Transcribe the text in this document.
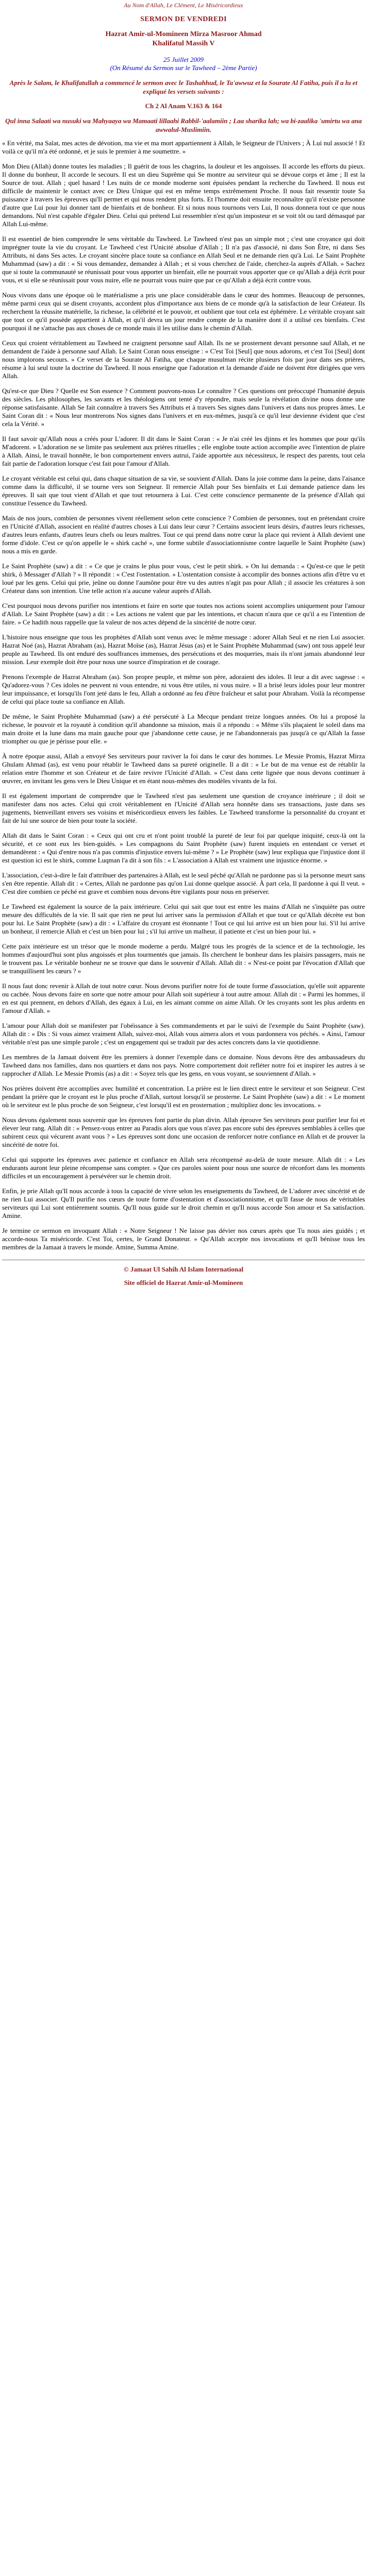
Au Nom d'Allah, Le Clément, Le Miséricordieux
SERMON DE VENDREDI
Hazrat Amir-ul-Momineen Mirza Masroor Ahmad
Khalifatul Massih V
25 Juillet 2009
(On Résumé du Sermon sur le Tawheed – 2ème Partie)
Après le Salam, le Khalifatullah a commencé le sermon avec le Tashahhud, le Ta'awwuz et la Sourate Al Fatiha, puis il a lu et expliqué les versets suivants :
Ch 2 Al Anam V.163 & 164
Qul inna Salaati wa nusuki wa Mahyaaya wa Mamaati lillaahi Rabbil-'aalamiin ; Laa sharika lah; wa bi-zaalika 'umirtu wa ana awwalul-Muslimiin.

« En vérité, ma Salat, mes actes de dévotion, ma vie et ma mort appartiennent à Allah, le Seigneur de l'Univers ; À Lui nul associé ! Et voilà ce qu'il m'a été ordonné, et je suis le premier à me soumettre. »

Mon Dieu (Allah) donne toutes les maladies ; Il guérit de tous les chagrins, la douleur et les angoisses. Il accorde les efforts du pieux. Il donne du bonheur, Il accorde le secours. Il est un dieu Suprême qui Se montre au serviteur qui se dévoue corps et âme ; Il est la Source de tout. Allah ; quel hasard ! Les nuits de ce monde moderne sont épuisées pendant la recherche du Tawheed. Il nous est difficile de maintenir le contact avec ce Dieu Unique qui est en même temps extrêmement Proche. Il nous fait ressentir toute Sa puissance à travers les épreuves qu'Il permet et qui nous rendent plus forts. Et l'homme doit ensuite reconnaître qu'il n'existe personne d'autre que Lui pour lui donner tant de bienfaits et de bonheur. Et si nous nous tournons vers Lui, Il nous donnera tout ce que nous demandons. Nul n'est capable d'égaler Dieu. Celui qui prétend Lui ressembler n'est qu'un imposteur et se voit tôt ou tard démasqué par Allah Lui-même.

Il est essentiel de bien comprendre le sens véritable du Tawheed. Le Tawheed n'est pas un simple mot ; c'est une croyance qui doit imprégner toute la vie du croyant. Le Tawheed c'est l'Unicité absolue d'Allah ; Il n'a pas d'associé, ni dans Son Être, ni dans Ses Attributs, ni dans Ses actes. Le croyant sincère place toute sa confiance en Allah Seul et ne demande rien qu'à Lui. Le Saint Prophète Muhammad (saw) a dit : « Si vous demandez, demandez à Allah ; et si vous cherchez de l'aide, cherchez-la auprès d'Allah. » Sachez que si toute la communauté se réunissait pour vous apporter un bienfait, elle ne pourrait vous apporter que ce qu'Allah a déjà écrit pour vous, et si elle se réunissait pour vous nuire, elle ne pourrait vous nuire que par ce qu'Allah a déjà écrit contre vous.

Nous vivons dans une époque où le matérialisme a pris une place considérable dans le cœur des hommes. Beaucoup de personnes, même parmi ceux qui se disent croyants, accordent plus d'importance aux biens de ce monde qu'à la satisfaction de leur Créateur. Ils recherchent la réussite matérielle, la richesse, la célébrité et le pouvoir, et oublient que tout cela est éphémère. Le véritable croyant sait que tout ce qu'il possède appartient à Allah, et qu'il devra un jour rendre compte de la manière dont il a utilisé ces bienfaits. C'est pourquoi il ne s'attache pas aux choses de ce monde mais il les utilise dans le chemin d'Allah.

Ceux qui croient véritablement au Tawheed ne craignent personne sauf Allah. Ils ne se prosternent devant personne sauf Allah, et ne demandent de l'aide à personne sauf Allah. Le Saint Coran nous enseigne : « C'est Toi [Seul] que nous adorons, et c'est Toi [Seul] dont nous implorons secours. » Ce verset de la Sourate Al Fatiha, que chaque musulman récite plusieurs fois par jour dans ses prières, résume à lui seul toute la doctrine du Tawheed. Il nous enseigne que l'adoration et la demande d'aide ne doivent être dirigées que vers Allah.

Qu'est-ce que Dieu ? Quelle est Son essence ? Comment pouvons-nous Le connaître ? Ces questions ont préoccupé l'humanité depuis des siècles. Les philosophes, les savants et les théologiens ont tenté d'y répondre, mais seule la révélation divine nous donne une réponse satisfaisante. Allah Se fait connaître à travers Ses Attributs et à travers Ses signes dans l'univers et dans nos propres âmes. Le Saint Coran dit : « Nous leur montrerons Nos signes dans l'univers et en eux-mêmes, jusqu'à ce qu'il leur devienne évident que c'est cela la Vérité. »

Il faut savoir qu'Allah nous a créés pour L'adorer. Il dit dans le Saint Coran : « Je n'ai créé les djinns et les hommes que pour qu'ils M'adorent. » L'adoration ne se limite pas seulement aux prières rituelles ; elle englobe toute action accomplie avec l'intention de plaire à Allah. Ainsi, le travail honnête, le bon comportement envers autrui, l'aide apportée aux nécessiteux, le respect des parents, tout cela fait partie de l'adoration lorsque c'est fait pour l'amour d'Allah.

Le croyant véritable est celui qui, dans chaque situation de sa vie, se souvient d'Allah. Dans la joie comme dans la peine, dans l'aisance comme dans la difficulté, il se tourne vers son Seigneur. Il remercie Allah pour Ses bienfaits et Lui demande patience dans les épreuves. Il sait que tout vient d'Allah et que tout retournera à Lui. C'est cette conscience permanente de la présence d'Allah qui constitue l'essence du Tawheed.

Mais de nos jours, combien de personnes vivent réellement selon cette conscience ? Combien de personnes, tout en prétendant croire en l'Unicité d'Allah, associent en réalité d'autres choses à Lui dans leur cœur ? Certains associent leurs désirs, d'autres leurs richesses, d'autres leurs enfants, d'autres leurs chefs ou leurs maîtres. Tout ce qui prend dans notre cœur la place qui revient à Allah devient une forme d'idole. C'est ce qu'on appelle le « shirk caché », une forme subtile d'associationnisme contre laquelle le Saint Prophète (saw) nous a mis en garde.

Le Saint Prophète (saw) a dit : « Ce que je crains le plus pour vous, c'est le petit shirk. » On lui demanda : « Qu'est-ce que le petit shirk, ô Messager d'Allah ? » Il répondit : « C'est l'ostentation. » L'ostentation consiste à accomplir des bonnes actions afin d'être vu et loué par les gens. Celui qui prie, jeûne ou donne l'aumône pour être vu des autres n'agit pas pour Allah ; il associe les créatures à son Créateur dans son intention. Une telle action n'a aucune valeur auprès d'Allah.

C'est pourquoi nous devons purifier nos intentions et faire en sorte que toutes nos actions soient accomplies uniquement pour l'amour d'Allah. Le Saint Prophète (saw) a dit : « Les actions ne valent que par les intentions, et chacun n'aura que ce qu'il a eu l'intention de faire. » Ce hadith nous rappelle que la valeur de nos actes dépend de la sincérité de notre cœur.

L'histoire nous enseigne que tous les prophètes d'Allah sont venus avec le même message : adorer Allah Seul et ne rien Lui associer. Hazrat Noé (as), Hazrat Abraham (as), Hazrat Moïse (as), Hazrat Jésus (as) et le Saint Prophète Muhammad (saw) ont tous appelé leur peuple au Tawheed. Ils ont enduré des souffrances immenses, des persécutions et des moqueries, mais ils n'ont jamais abandonné leur mission. Leur exemple doit être pour nous une source d'inspiration et de courage.

Prenons l'exemple de Hazrat Abraham (as). Son propre peuple, et même son père, adoraient des idoles. Il leur a dit avec sagesse : « Qu'adorez-vous ? Ces idoles ne peuvent ni vous entendre, ni vous être utiles, ni vous nuire. » Il a brisé leurs idoles pour leur montrer leur impuissance, et lorsqu'ils l'ont jeté dans le feu, Allah a ordonné au feu d'être fraîcheur et salut pour Abraham. Voilà la récompense de celui qui place toute sa confiance en Allah.

De même, le Saint Prophète Muhammad (saw) a été persécuté à La Mecque pendant treize longues années. On lui a proposé la richesse, le pouvoir et la royauté à condition qu'il abandonne sa mission, mais il a répondu : « Même s'ils plaçaient le soleil dans ma main droite et la lune dans ma main gauche pour que j'abandonne cette cause, je ne l'abandonnerais pas jusqu'à ce qu'Allah la fasse triompher ou que je périsse pour elle. »

À notre époque aussi, Allah a envoyé Ses serviteurs pour raviver la foi dans le cœur des hommes. Le Messie Promis, Hazrat Mirza Ghulam Ahmad (as), est venu pour rétablir le Tawheed dans sa pureté originelle. Il a dit : « Le but de ma venue est de rétablir la relation entre l'homme et son Créateur et de faire revivre l'Unicité d'Allah. » C'est dans cette lignée que nous devons continuer à œuvrer, en invitant les gens vers le Dieu Unique et en étant nous-mêmes des modèles vivants de la foi.

Il est également important de comprendre que le Tawheed n'est pas seulement une question de croyance intérieure ; il doit se manifester dans nos actes. Celui qui croit véritablement en l'Unicité d'Allah sera honnête dans ses transactions, juste dans ses jugements, bienveillant envers ses voisins et miséricordieux envers les faibles. Le Tawheed transforme la personnalité du croyant et fait de lui une source de bien pour toute la société.

Allah dit dans le Saint Coran : « Ceux qui ont cru et n'ont point troublé la pureté de leur foi par quelque iniquité, ceux-là ont la sécurité, et ce sont eux les bien-guidés. » Les compagnons du Saint Prophète (saw) furent inquiets en entendant ce verset et demandèrent : « Qui d'entre nous n'a pas commis d'injustice envers lui-même ? » Le Prophète (saw) leur expliqua que l'injustice dont il est question ici est le shirk, comme Luqman l'a dit à son fils : « L'association à Allah est vraiment une injustice énorme. »

L'association, c'est-à-dire le fait d'attribuer des partenaires à Allah, est le seul péché qu'Allah ne pardonne pas si la personne meurt sans s'en être repentie. Allah dit : « Certes, Allah ne pardonne pas qu'on Lui donne quelque associé. À part cela, Il pardonne à qui Il veut. » C'est dire combien ce péché est grave et combien nous devons être vigilants pour nous en préserver.

Le Tawheed est également la source de la paix intérieure. Celui qui sait que tout est entre les mains d'Allah ne s'inquiète pas outre mesure des difficultés de la vie. Il sait que rien ne peut lui arriver sans la permission d'Allah et que tout ce qu'Allah décrète est bon pour lui. Le Saint Prophète (saw) a dit : « L'affaire du croyant est étonnante ! Tout ce qui lui arrive est un bien pour lui. S'il lui arrive un bonheur, il remercie Allah et c'est un bien pour lui ; s'il lui arrive un malheur, il patiente et c'est un bien pour lui. »

Cette paix intérieure est un trésor que le monde moderne a perdu. Malgré tous les progrès de la science et de la technologie, les hommes d'aujourd'hui sont plus angoissés et plus tourmentés que jamais. Ils cherchent le bonheur dans les plaisirs passagers, mais ne le trouvent pas. Le véritable bonheur ne se trouve que dans le souvenir d'Allah. Allah dit : « N'est-ce point par l'évocation d'Allah que se tranquillisent les cœurs ? »

Il nous faut donc revenir à Allah de tout notre cœur. Nous devons purifier notre foi de toute forme d'association, qu'elle soit apparente ou cachée. Nous devons faire en sorte que notre amour pour Allah soit supérieur à tout autre amour. Allah dit : « Parmi les hommes, il en est qui prennent, en dehors d'Allah, des égaux à Lui, en les aimant comme on aime Allah. Or les croyants sont les plus ardents en l'amour d'Allah. »

L'amour pour Allah doit se manifester par l'obéissance à Ses commandements et par le suivi de l'exemple du Saint Prophète (saw). Allah dit : « Dis : Si vous aimez vraiment Allah, suivez-moi, Allah vous aimera alors et vous pardonnera vos péchés. » Ainsi, l'amour véritable n'est pas une simple parole ; c'est un engagement qui se traduit par des actes concrets dans la vie quotidienne.

Les membres de la Jamaat doivent être les premiers à donner l'exemple dans ce domaine. Nous devons être des ambassadeurs du Tawheed dans nos familles, dans nos quartiers et dans nos pays. Notre comportement doit refléter notre foi et inspirer les autres à se rapprocher d'Allah. Le Messie Promis (as) a dit : « Soyez tels que les gens, en vous voyant, se souviennent d'Allah. »

Nos prières doivent être accomplies avec humilité et concentration. La prière est le lien direct entre le serviteur et son Seigneur. C'est pendant la prière que le croyant est le plus proche d'Allah, surtout lorsqu'il se prosterne. Le Saint Prophète (saw) a dit : « Le moment où le serviteur est le plus proche de son Seigneur, c'est lorsqu'il est en prosternation ; multipliez donc les invocations. »

Nous devons également nous souvenir que les épreuves font partie du plan divin. Allah éprouve Ses serviteurs pour purifier leur foi et élever leur rang. Allah dit : « Pensez-vous entrer au Paradis alors que vous n'avez pas encore subi des épreuves semblables à celles que subirent ceux qui vécurent avant vous ? » Les épreuves sont donc une occasion de renforcer notre confiance en Allah et de prouver la sincérité de notre foi.

Celui qui supporte les épreuves avec patience et confiance en Allah sera récompensé au-delà de toute mesure. Allah dit : « Les endurants auront leur pleine récompense sans compter. » Que ces paroles soient pour nous une source de réconfort dans les moments difficiles et un encouragement à persévérer sur le chemin droit.

Enfin, je prie Allah qu'Il nous accorde à tous la capacité de vivre selon les enseignements du Tawheed, de L'adorer avec sincérité et de ne rien Lui associer. Qu'Il purifie nos cœurs de toute forme d'ostentation et d'associationnisme, et qu'Il fasse de nous de véritables serviteurs qui Lui sont entièrement soumis. Qu'Il nous guide sur le droit chemin et qu'Il nous accorde Son amour et Sa satisfaction. Amine.

Je termine ce sermon en invoquant Allah : « Notre Seigneur ! Ne laisse pas dévier nos cœurs après que Tu nous aies guidés ; et accorde-nous Ta miséricorde. C'est Toi, certes, le Grand Donateur. » Qu'Allah accepte nos invocations et qu'Il bénisse tous les membres de la Jamaat à travers le monde. Amine, Summa Amine.

© Jamaat Ul Sahih Al Islam International
Site officiel de Hazrat Amir-ul-Momineen
